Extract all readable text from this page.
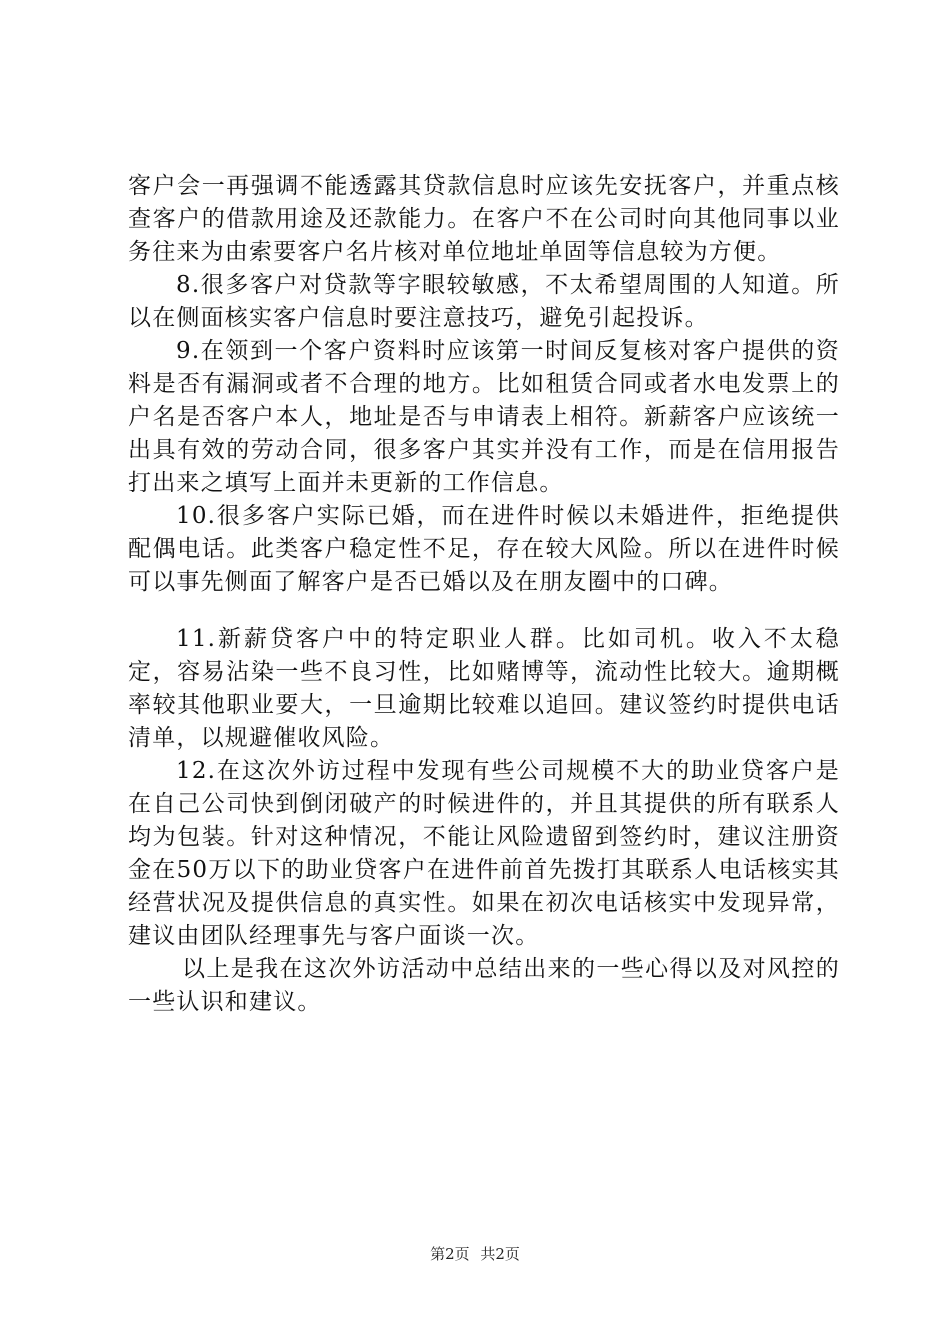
客户会一再强调不能透露其贷款信息时应该先安抚客户，并重点核查客户的借款用途及还款能力。在客户不在公司时向其他同事以业务往来为由索要客户名片核对单位地址单固等信息较为方便。

8.很多客户对贷款等字眼较敏感，不太希望周围的人知道。所以在侧面核实客户信息时要注意技巧，避免引起投诉。

9.在领到一个客户资料时应该第一时间反复核对客户提供的资料是否有漏洞或者不合理的地方。比如租赁合同或者水电发票上的户名是否客户本人，地址是否与申请表上相符。新薪客户应该统一出具有效的劳动合同，很多客户其实并没有工作，而是在信用报告打出来之填写上面并未更新的工作信息。

10.很多客户实际已婚，而在进件时候以未婚进件，拒绝提供配偶电话。此类客户稳定性不足，存在较大风险。所以在进件时候可以事先侧面了解客户是否已婚以及在朋友圈中的口碑。

11.新薪贷客户中的特定职业人群。比如司机。收入不太稳定，容易沾染一些不良习性，比如赌博等，流动性比较大。逾期概率较其他职业要大，一旦逾期比较难以追回。建议签约时提供电话清单，以规避催收风险。

12.在这次外访过程中发现有些公司规模不大的助业贷客户是在自己公司快到倒闭破产的时候进件的，并且其提供的所有联系人均为包装。针对这种情况，不能让风险遗留到签约时，建议注册资金在50万以下的助业贷客户在进件前首先拨打其联系人电话核实其经营状况及提供信息的真实性。如果在初次电话核实中发现异常，建议由团队经理事先与客户面谈一次。

以上是我在这次外访活动中总结出来的一些心得以及对风控的一些认识和建议。

第2页 共2页
